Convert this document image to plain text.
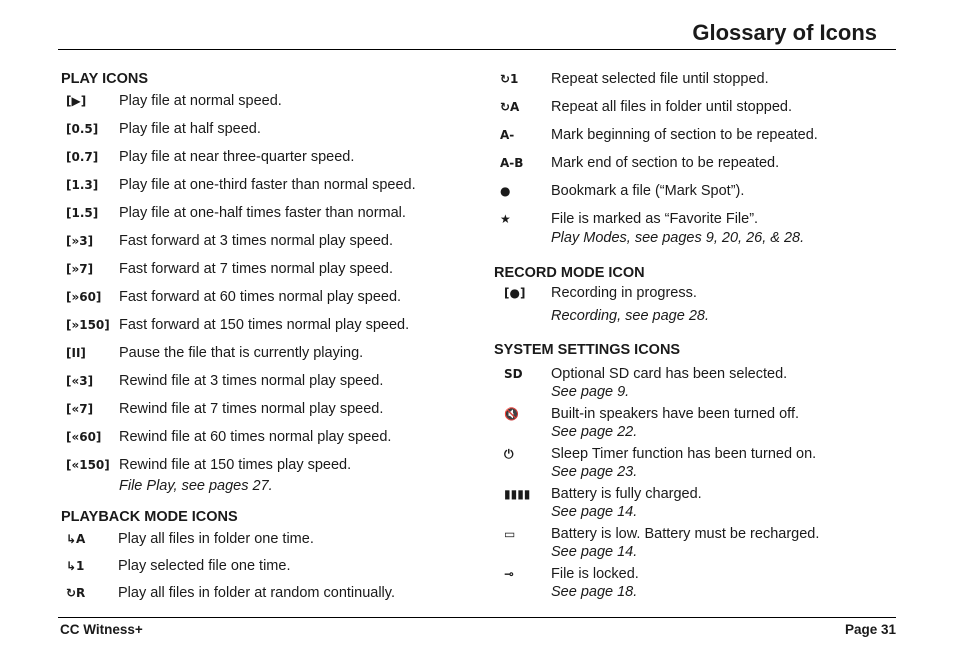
Glossary of Icons
PLAY ICONS
[▶] Play file at normal speed.
[0.5] Play file at half speed.
[0.7] Play file at near three-quarter speed.
[1.3] Play file at one-third faster than normal speed.
[1.5] Play file at one-half times faster than normal.
[»3] Fast forward at 3 times normal play speed.
[»7] Fast forward at 7 times normal play speed.
[»60] Fast forward at 60 times normal play speed.
[»150] Fast forward at 150 times normal play speed.
[II] Pause the file that is currently playing.
[«3] Rewind file at 3 times normal play speed.
[«7] Rewind file at 7 times normal play speed.
[«60] Rewind file at 60 times normal play speed.
[«150] Rewind file at 150 times play speed.
File Play, see pages 27.
PLAYBACK MODE ICONS
↳A Play all files in folder one time.
↳1 Play selected file one time.
↻R Play all files in folder at random continually.
↻1 Repeat selected file until stopped.
↻A Repeat all files in folder until stopped.
A-	Mark beginning of section to be repeated.
A-B Mark end of section to be repeated.
●	Bookmark a file (“Mark Spot”).
★	File is marked as “Favorite File”.
Play Modes, see pages 9, 20, 26, & 28.
RECORD MODE ICON
[●] Recording in progress.
Recording, see page 28.
SYSTEM SETTINGS ICONS
SD Optional SD card has been selected.
See page 9.
🔇 Built-in speakers have been turned off.
See page 22.
⏻	Sleep Timer function has been turned on.
See page 23.
▮▮▮▮ Battery is fully charged.
See page 14.
▭ Battery is low. Battery must be recharged.
See page 14.
⊸	File is locked.
See page 18.
CC Witness+	Page 31
